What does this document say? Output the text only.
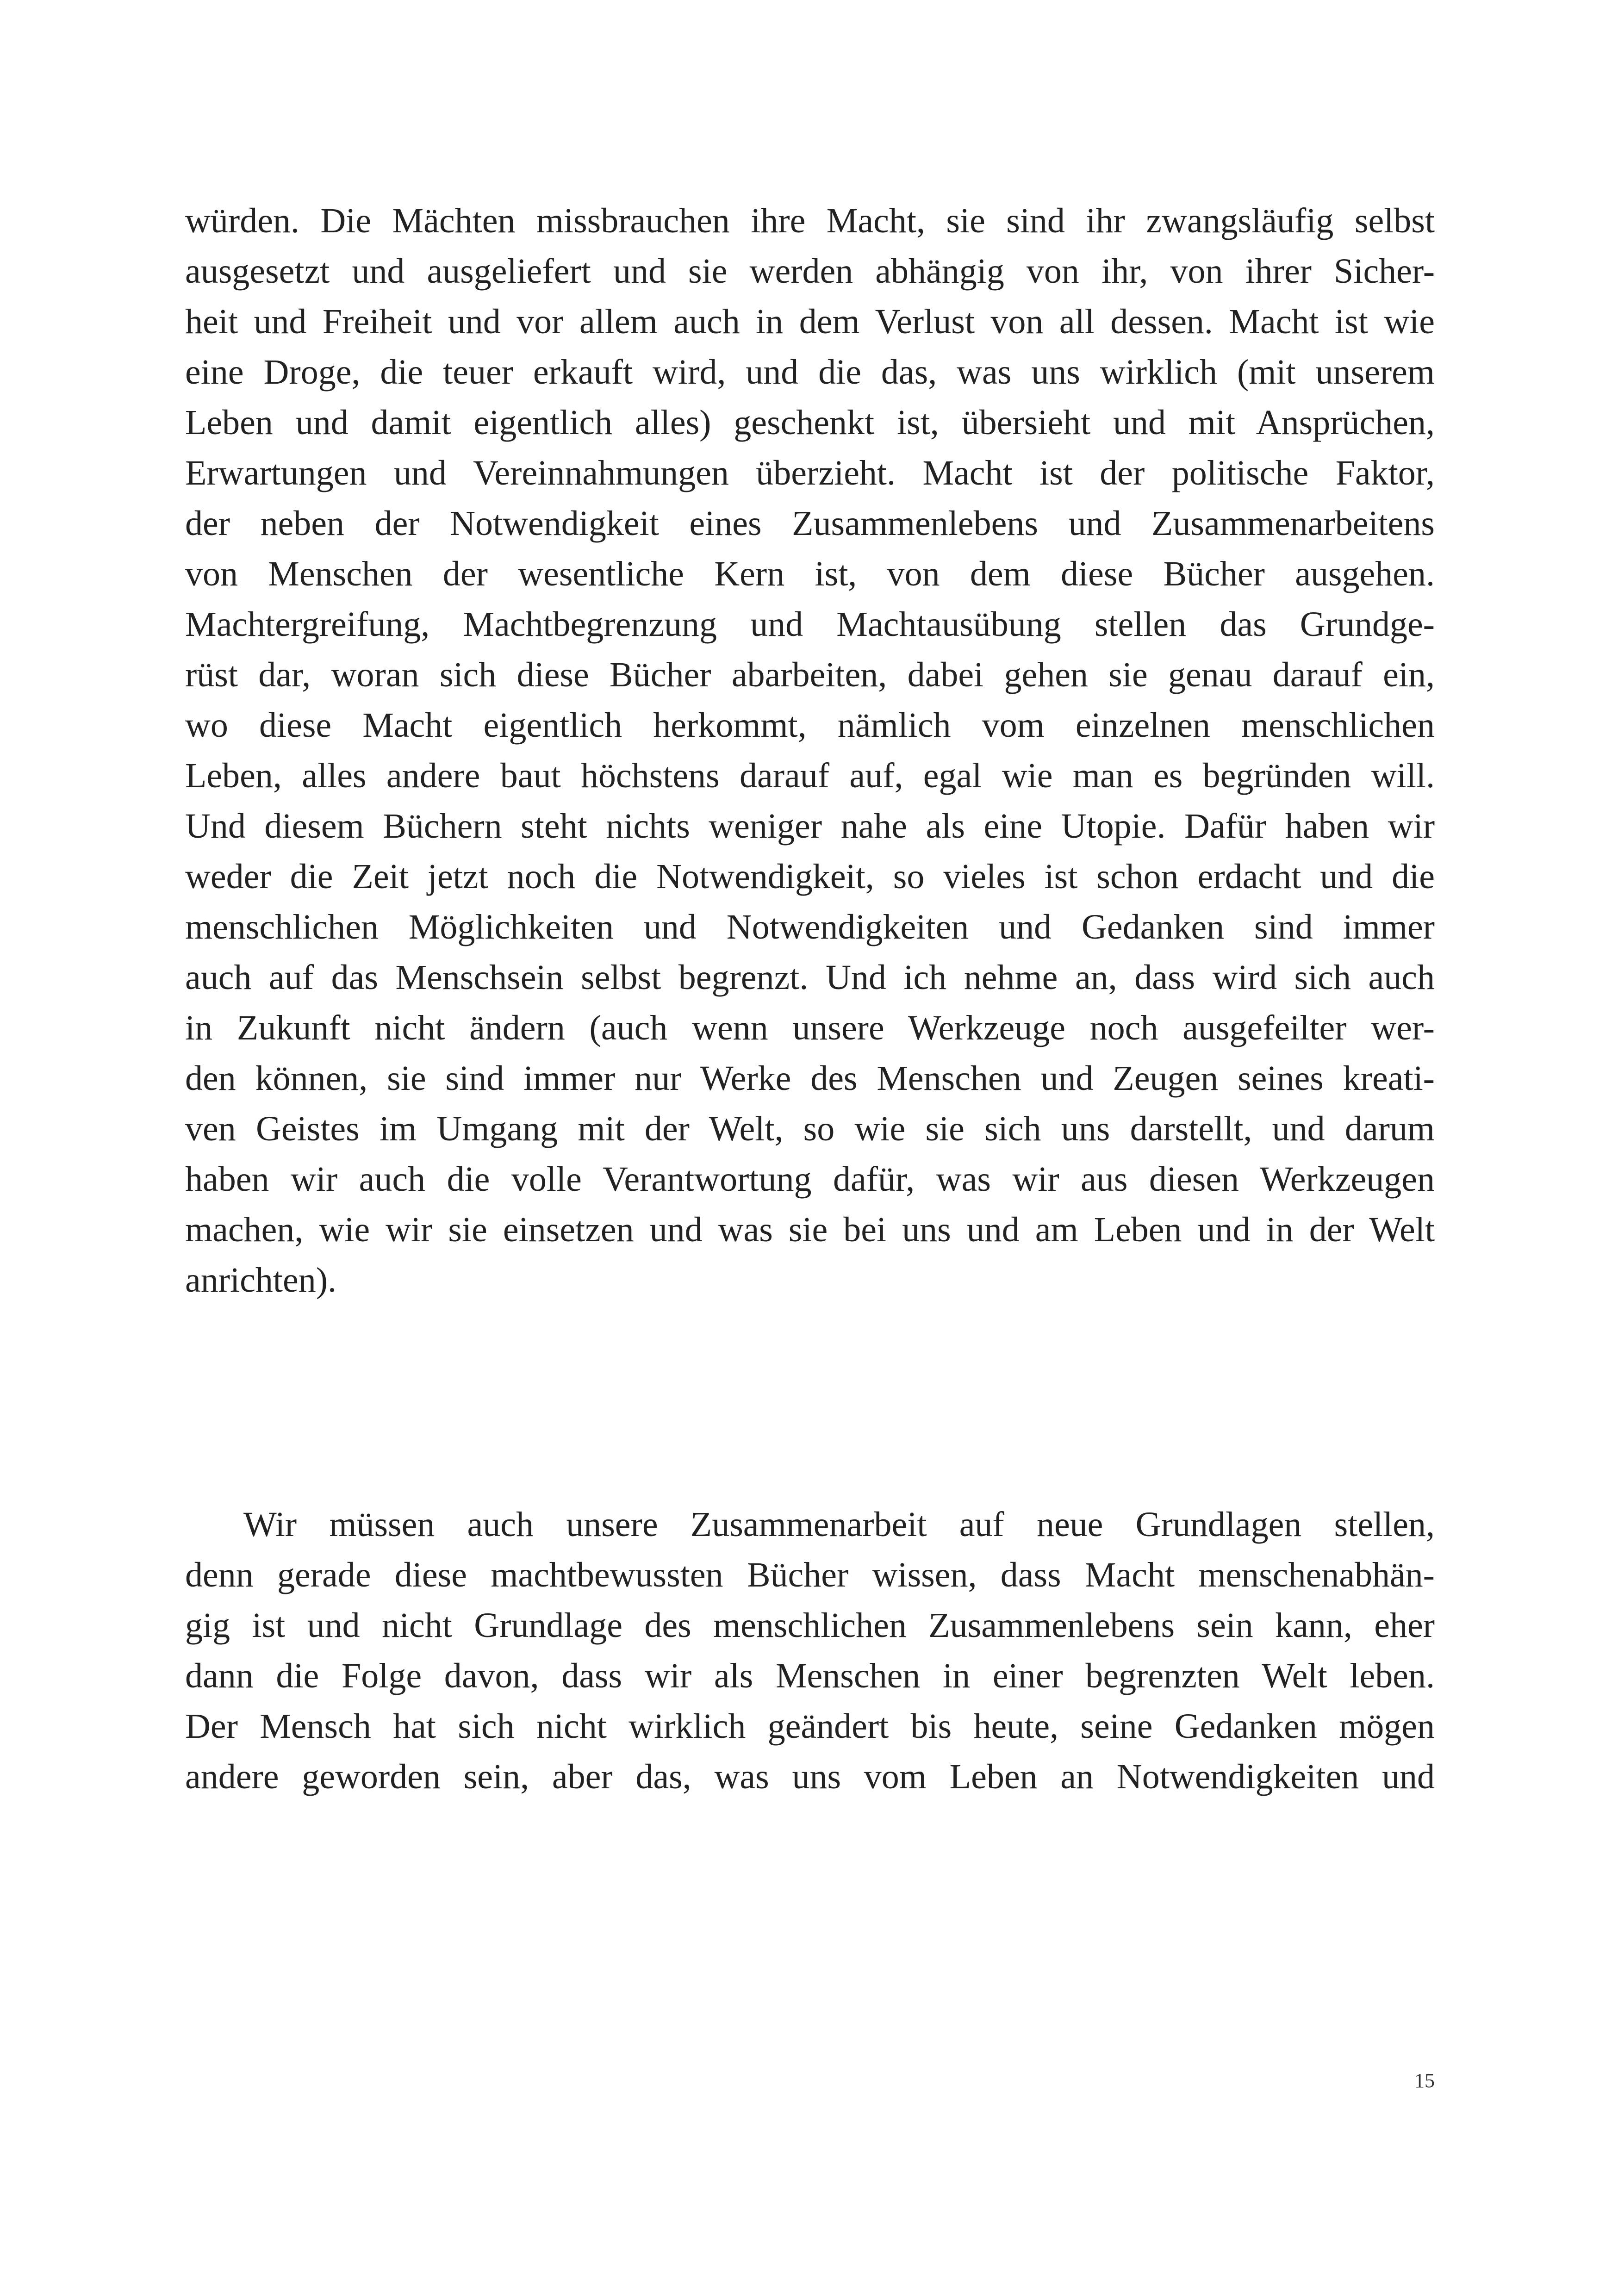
würden. Die Mächten missbrauchen ihre Macht, sie sind ihr zwangsläufig selbst
ausgesetzt und ausgeliefert und sie werden abhängig von ihr, von ihrer Sicher-
heit und Freiheit und vor allem auch in dem Verlust von all dessen. Macht ist wie
eine Droge, die teuer erkauft wird, und die das, was uns wirklich (mit unserem
Leben und damit eigentlich alles) geschenkt ist, übersieht und mit Ansprüchen,
Erwartungen und Vereinnahmungen überzieht. Macht ist der politische Faktor,
der neben der Notwendigkeit eines Zusammenlebens und Zusammenarbeitens
von Menschen der wesentliche Kern ist, von dem diese Bücher ausgehen.
Machtergreifung, Machtbegrenzung und Machtausübung stellen das Grundge-
rüst dar, woran sich diese Bücher abarbeiten, dabei gehen sie genau darauf ein,
wo diese Macht eigentlich herkommt, nämlich vom einzelnen menschlichen
Leben, alles andere baut höchstens darauf auf, egal wie man es begründen will.
Und diesem Büchern steht nichts weniger nahe als eine Utopie. Dafür haben wir
weder die Zeit jetzt noch die Notwendigkeit, so vieles ist schon erdacht und die
menschlichen Möglichkeiten und Notwendigkeiten und Gedanken sind immer
auch auf das Menschsein selbst begrenzt. Und ich nehme an, dass wird sich auch
in Zukunft nicht ändern (auch wenn unsere Werkzeuge noch ausgefeilter wer-
den können, sie sind immer nur Werke des Menschen und Zeugen seines kreati-
ven Geistes im Umgang mit der Welt, so wie sie sich uns darstellt, und darum
haben wir auch die volle Verantwortung dafür, was wir aus diesen Werkzeugen
machen, wie wir sie einsetzen und was sie bei uns und am Leben und in der Welt
anrichten).
Wir müssen auch unsere Zusammenarbeit auf neue Grundlagen stellen,
denn gerade diese machtbewussten Bücher wissen, dass Macht menschenabhän-
gig ist und nicht Grundlage des menschlichen Zusammenlebens sein kann, eher
dann die Folge davon, dass wir als Menschen in einer begrenzten Welt leben.
Der Mensch hat sich nicht wirklich geändert bis heute, seine Gedanken mögen
andere geworden sein, aber das, was uns vom Leben an Notwendigkeiten und
15
